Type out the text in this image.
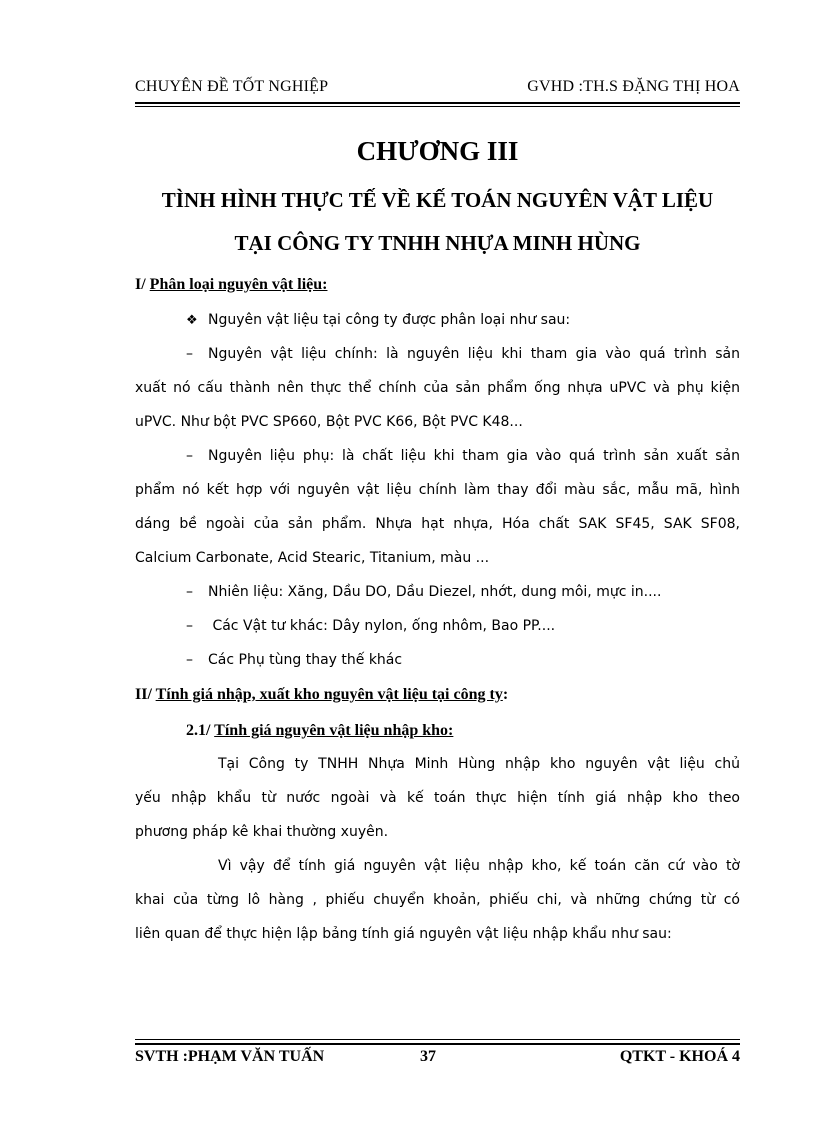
CHUYÊN ĐỀ TỐT NGHIỆP	GVHD :TH.S ĐẶNG THỊ HOA
CHƯƠNG III
TÌNH HÌNH THỰC TẾ VỀ KẾ TOÁN NGUYÊN VẬT LIỆU
TẠI CÔNG TY TNHH NHỰA MINH HÙNG
I/ Phân loại nguyên vật liệu:
❖ Nguyên vật liệu tại công ty được phân loại như sau:
– Nguyên vật liệu chính: là nguyên liệu khi tham gia vào quá trình sản
xuất nó cấu thành nên thực thể chính của sản phẩm ống nhựa uPVC và phụ kiện
uPVC. Như bột PVC SP660, Bột PVC K66, Bột PVC K48...
– Nguyên liệu phụ: là chất liệu khi tham gia vào quá trình sản xuất sản
phẩm nó kết hợp với nguyên vật liệu chính làm thay đổi màu sắc, mẫu mã, hình
dáng bề ngoài của sản phẩm. Nhựa hạt nhựa, Hóa chất SAK SF45, SAK SF08,
Calcium Carbonate, Acid Stearic, Titanium, màu ...
– Nhiên liệu: Xăng, Dầu DO, Dầu Diezel, nhớt, dung môi, mực in....
– Các Vật tư khác: Dây nylon, ống nhôm, Bao PP....
– Các Phụ tùng thay thế khác
II/ Tính giá nhập, xuất kho nguyên vật liệu tại công ty:
2.1/ Tính giá nguyên vật liệu nhập kho:
Tại Công ty TNHH Nhựa Minh Hùng nhập kho nguyên vật liệu chủ
yếu nhập khẩu từ nước ngoài và kế toán thực hiện tính giá nhập kho theo
phương pháp kê khai thường xuyên.
Vì vậy để tính giá nguyên vật liệu nhập kho, kế toán căn cứ vào tờ
khai của từng lô hàng , phiếu chuyển khoản, phiếu chi, và những chứng từ có
liên quan để thực hiện lập bảng tính giá nguyên vật liệu nhập khẩu như sau:
SVTH :PHẠM VĂN TUẤN	37	QTKT - KHOÁ 4
